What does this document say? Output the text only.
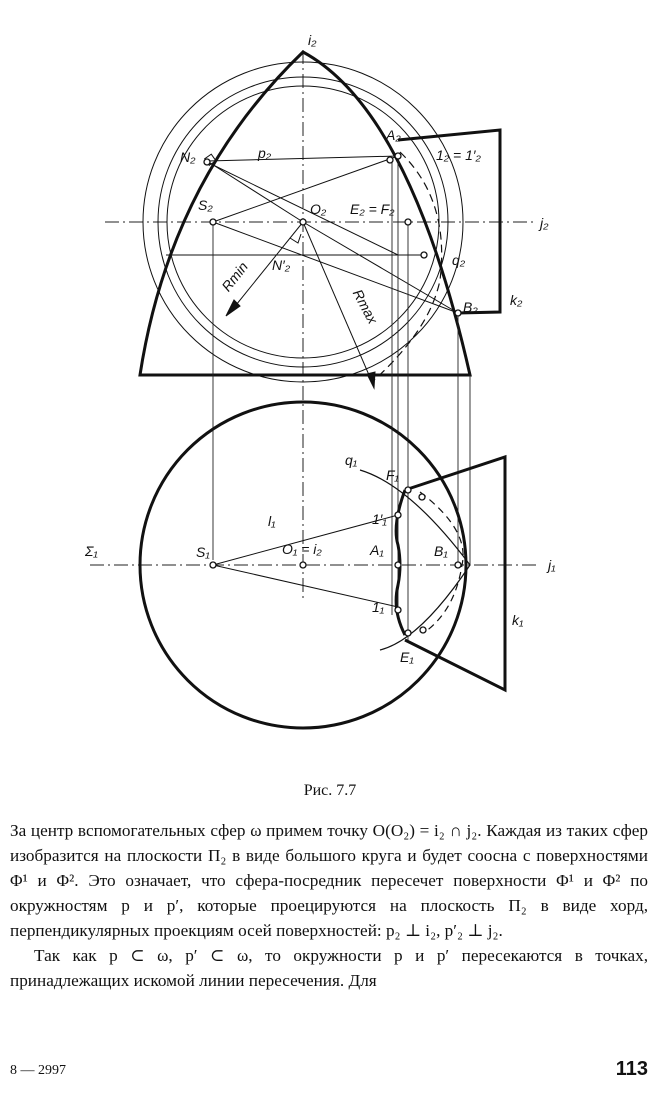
i₂
A₂
N₂	p₂	1₂ = 1′₂
S₂	O₂ E₂ = F₂
j₂
q₂
N′₂
Rmin
Rmax	B₂ k₂
q₁
F₁
l₁	1′₁
Σ₁	S₁	O₁ = i₂	A₁	B₁
j₁
1₁
k₁
E₁
Рис. 7.7

За центр вспомогательных сфер ω примем точку O(O₂) = i₂ ∩ j₂. Каждая из таких сфер изобразится на плоскости Π₂ в виде большого круга и будет соосна с поверхностями Φ¹ и Φ². Это означает, что сфера-посредник пересечет поверхности Φ¹ и Φ² по окружностям p и p′, которые проецируются на плоскость Π₂ в виде хорд, перпендикулярных проекциям осей поверхностей: p₂ ⊥ i₂, p′₂ ⊥ j₂.

Так как p ⊂ ω, p′ ⊂ ω, то окружности p и p′ пересекаются в точках, принадлежащих искомой линии пересечения. Для

8 — 2997	113
